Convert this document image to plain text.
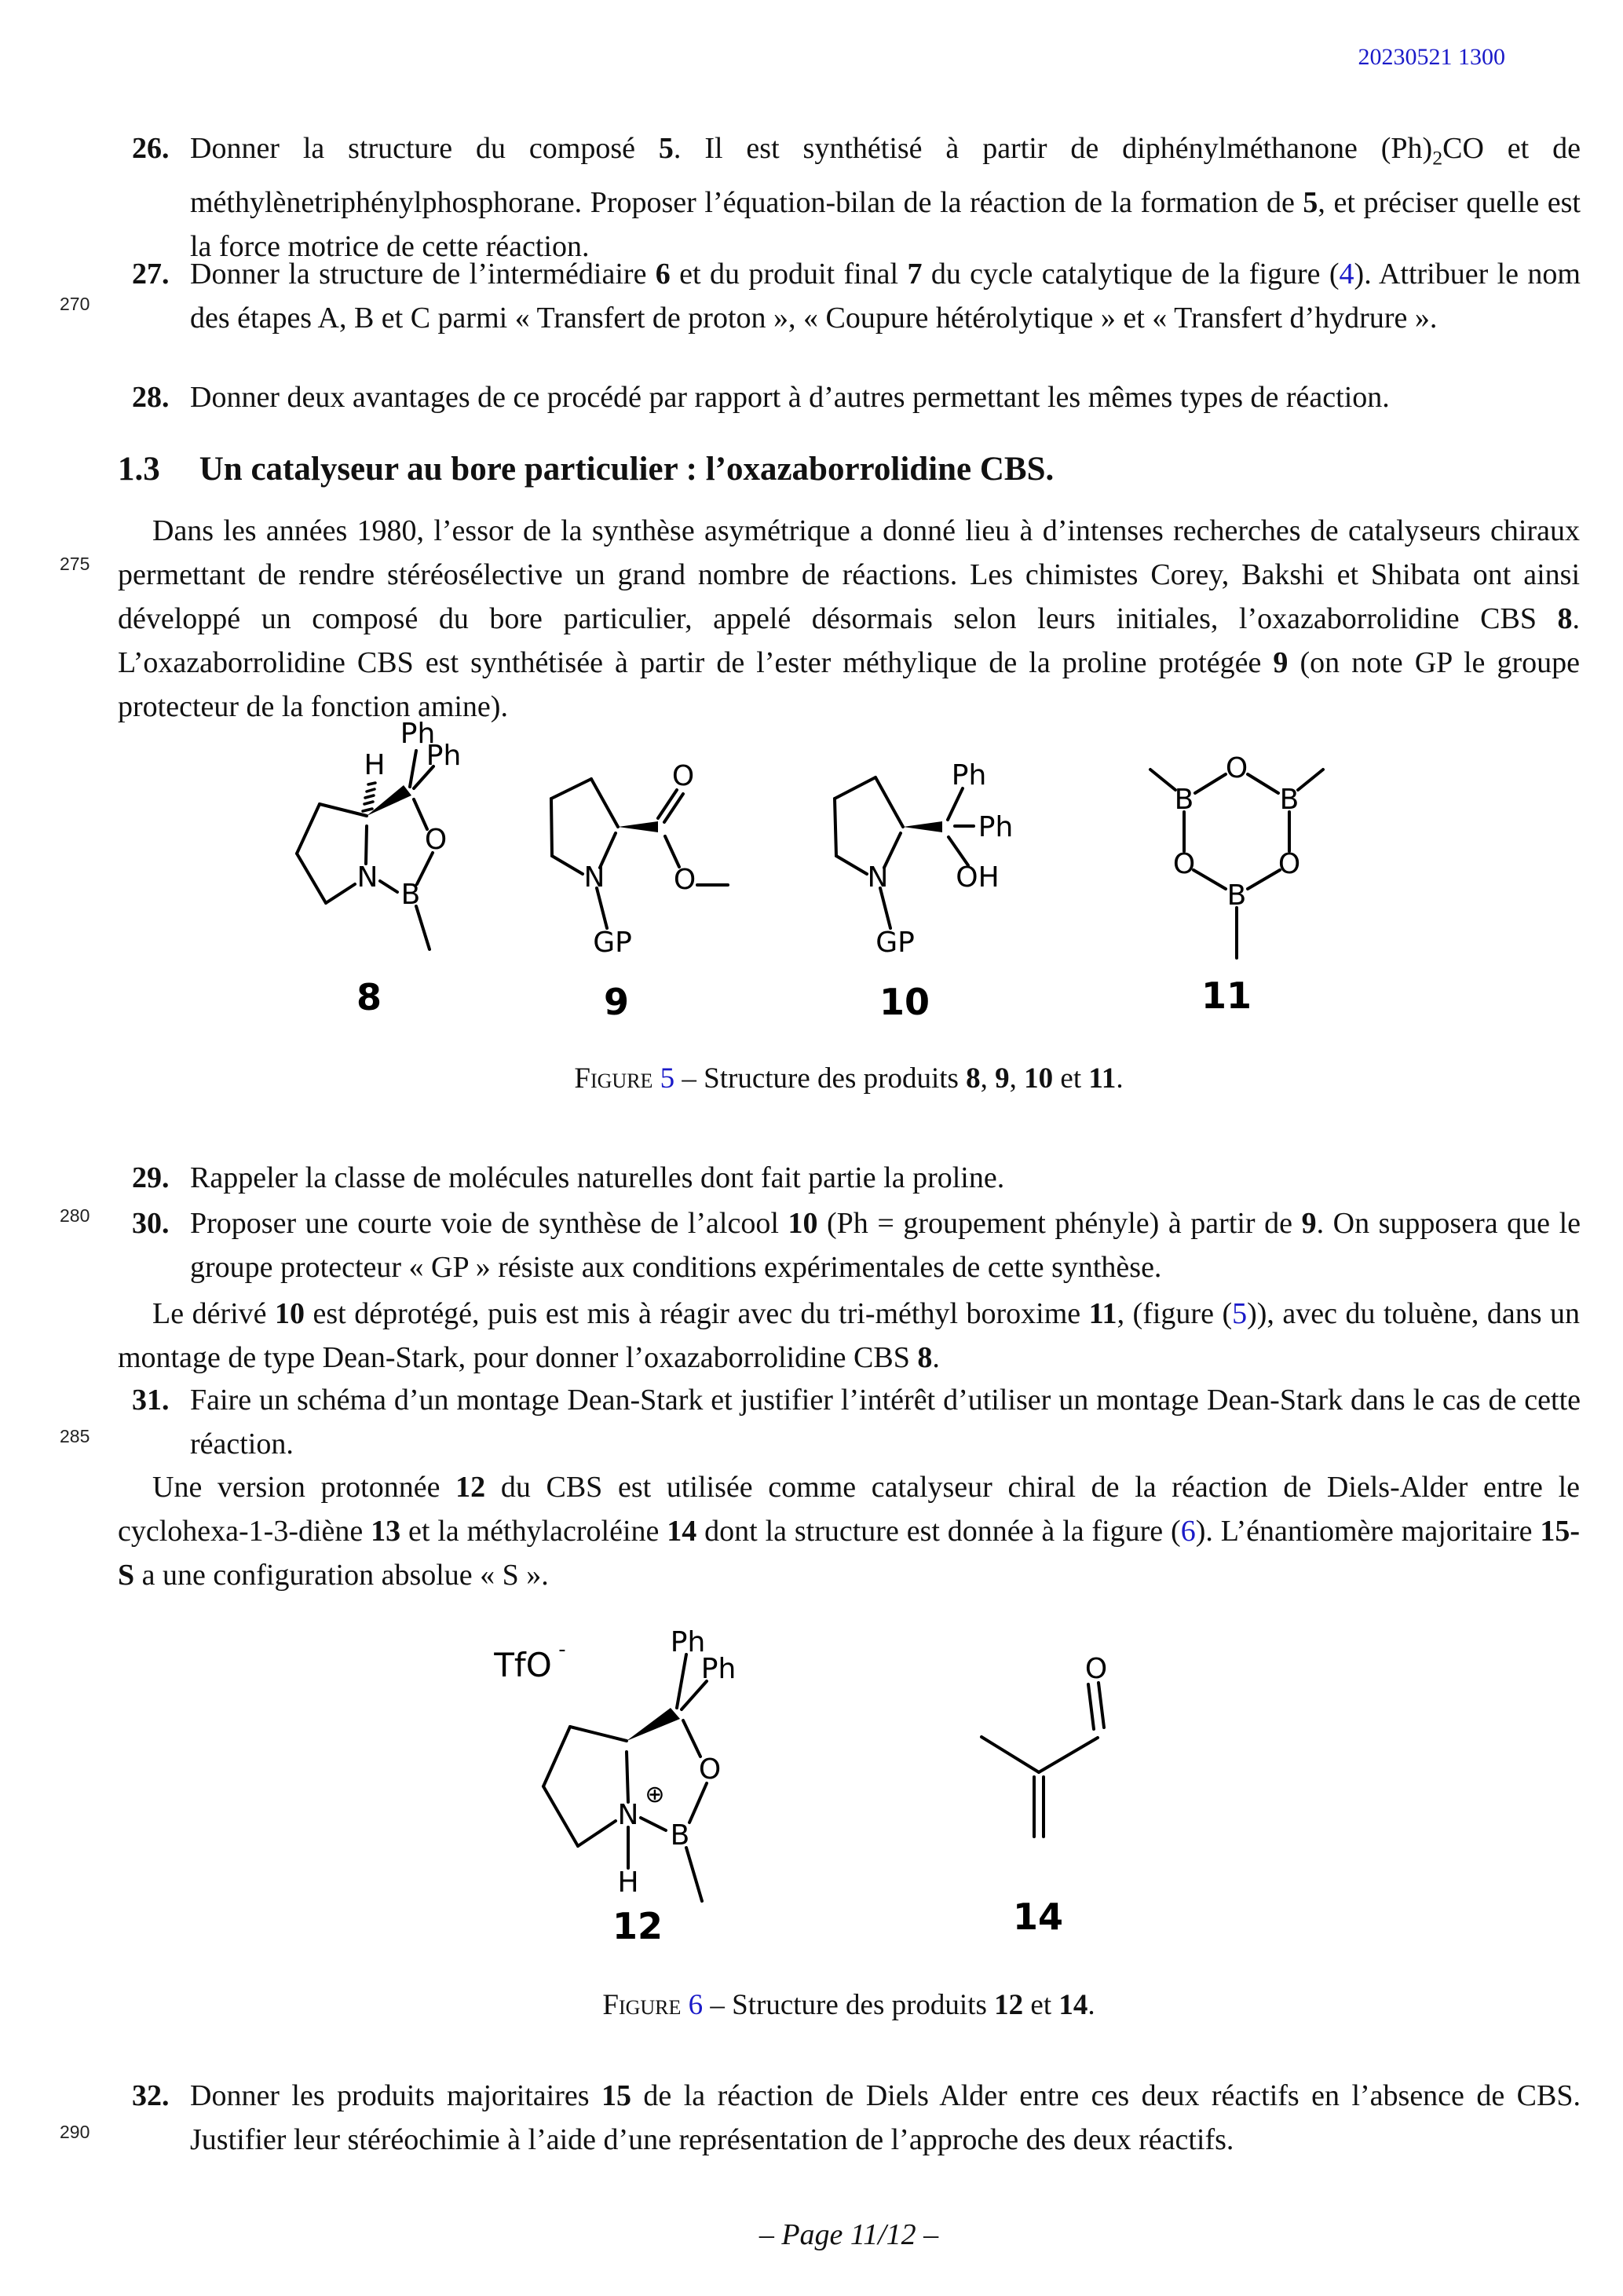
20230521 1300
270
275
280
285
290
26. Donner la structure du composé 5. Il est synthétisé à partir de diphénylméthanone $(Ph)_2CO$ et de méthylènetriphénylphosphorane. Proposer l’équation-bilan de la réaction de la formation de 5, et préciser quelle est la force motrice de cette réaction.
27. Donner la structure de l’intermédiaire 6 et du produit final 7 du cycle catalytique de la figure (4). Attribuer le nom des étapes A, B et C parmi « Transfert de proton », « Coupure hétérolytique » et « Transfert d’hydrure ».
28. Donner deux avantages de ce procédé par rapport à d’autres permettant les mêmes types de réaction.
1.3 Un catalyseur au bore particulier : l’oxazaborrolidine CBS.

Dans les années 1980, l’essor de la synthèse asymétrique a donné lieu à d’intenses recherches de catalyseurs chiraux permettant de rendre stéréosélective un grand nombre de réactions. Les chimistes Corey, Bakshi et Shibata ont ainsi développé un composé du bore particulier, appelé désormais selon leurs initiales, l’oxazaborrolidine CBS 8. L’oxazaborrolidine CBS est synthétisée à partir de l’ester méthylique de la proline protégée 9 (on note GP le groupe protecteur de la fonction amine).

H
Ph
Ph
O
N
B
8
O
O
N
GP
9
Ph
Ph
OH
N
GP
10
O
B	B
O	O
B
11
Figure 5 – Structure des produits 8, 9, 10 et 11.
29. Rappeler la classe de molécules naturelles dont fait partie la proline.
30. Proposer une courte voie de synthèse de l’alcool 10 (Ph = groupement phényle) à partir de 9. On supposera que le groupe protecteur « GP » résiste aux conditions expérimentales de cette synthèse.

Le dérivé 10 est déprotégé, puis est mis à réagir avec du tri-méthyl boroxime 11, (figure (5)), avec du toluène, dans un montage de type Dean-Stark, pour donner l’oxazaborrolidine CBS 8.

31. Faire un schéma d’un montage Dean-Stark et justifier l’intérêt d’utiliser un montage Dean-Stark dans le cas de cette réaction.

Une version protonnée 12 du CBS est utilisée comme catalyseur chiral de la réaction de Diels-Alder entre le cyclohexa-1-3-diène 13 et la méthylacroléine 14 dont la structure est donnée à la figure (6). L’énantiomère majoritaire 15-S a une configuration absolue « S ».

TfO -	Ph
Ph
O
N
⊕
B
H
12
O
14
Figure 6 – Structure des produits 12 et 14.
32. Donner les produits majoritaires 15 de la réaction de Diels Alder entre ces deux réactifs en l’absence de CBS. Justifier leur stéréochimie à l’aide d’une représentation de l’approche des deux réactifs.
– Page 11/12 –
